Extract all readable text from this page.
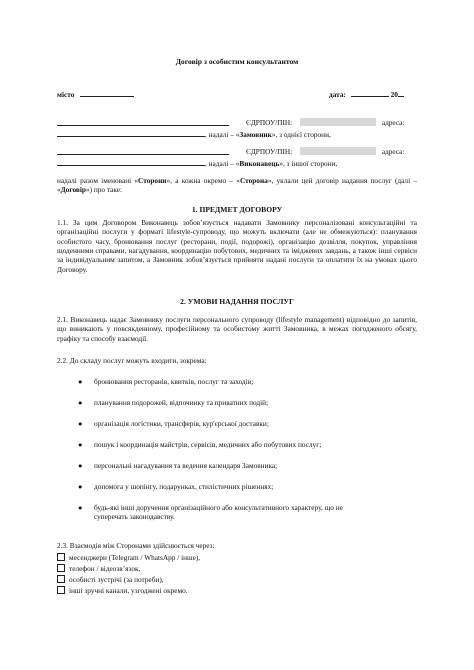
Договір з особистим консультантом
місто	дата:	20
ЄДРПОУ/ПІН:	адреса:
, надалі – «Замовник», з однієї сторони,
ЄДРПОУ/ПІН:	адреса:
, надалі – «Виконавець», з іншої сторони,
надалі разом іменовані «Сторони», а кожна окремо – «Сторона», уклали цей договір надання послуг (далі – «Договір») про таке:
1. ПРЕДМЕТ ДОГОВОРУ
1.1. За цим Договором Виконавець зобов’язується надавати Замовнику персоналізовані консультаційні та організаційні послуги у форматі lifestyle-супроводу, що можуть включати (але не обмежуються): планування особистого часу, бронювання послуг (ресторани, події, подорожі), організацію дозвілля, покупок, управління щоденними справами, нагадування, координацію побутових, медичних та іміджевих завдань, а також інші сервіси за індивідуальним запитом, а Замовник зобов’язується прийняти надані послуги та оплатити їх на умовах цього Договору.
2. УМОВИ НАДАННЯ ПОСЛУГ
2.1. Виконавець надає Замовнику послуги персонального супроводу (lifestyle management) відповідно до запитів, що виникають у повсякденному, професійному та особистому житті Замовника, в межах погодженого обсягу, графіку та способу взаємодії.
2.2. До складу послуг можуть входити, зокрема:
● бронювання ресторанів, квитків, послуг та заходів;
● планування подорожей, відпочинку та приватних подій;
● організація логістики, трансферів, кур'єрської доставки;
● пошук і координація майстрів, сервісів, медичних або побутових послуг;
● персональні нагадування та ведення календаря Замовника;
● допомога у шопінгу, подарунках, стилістичних рішеннях;
● будь-які інші доручення організаційного або консультативного характеру, що не суперечать законодавству.
2.3. Взаємодія між Сторонами здійснюється через:
месенджери (Telegram / WhatsApp / інше),
телефон / відеозв’язок,
особисті зустрічі (за потреби),
інші зручні канали, узгоджені окремо.
